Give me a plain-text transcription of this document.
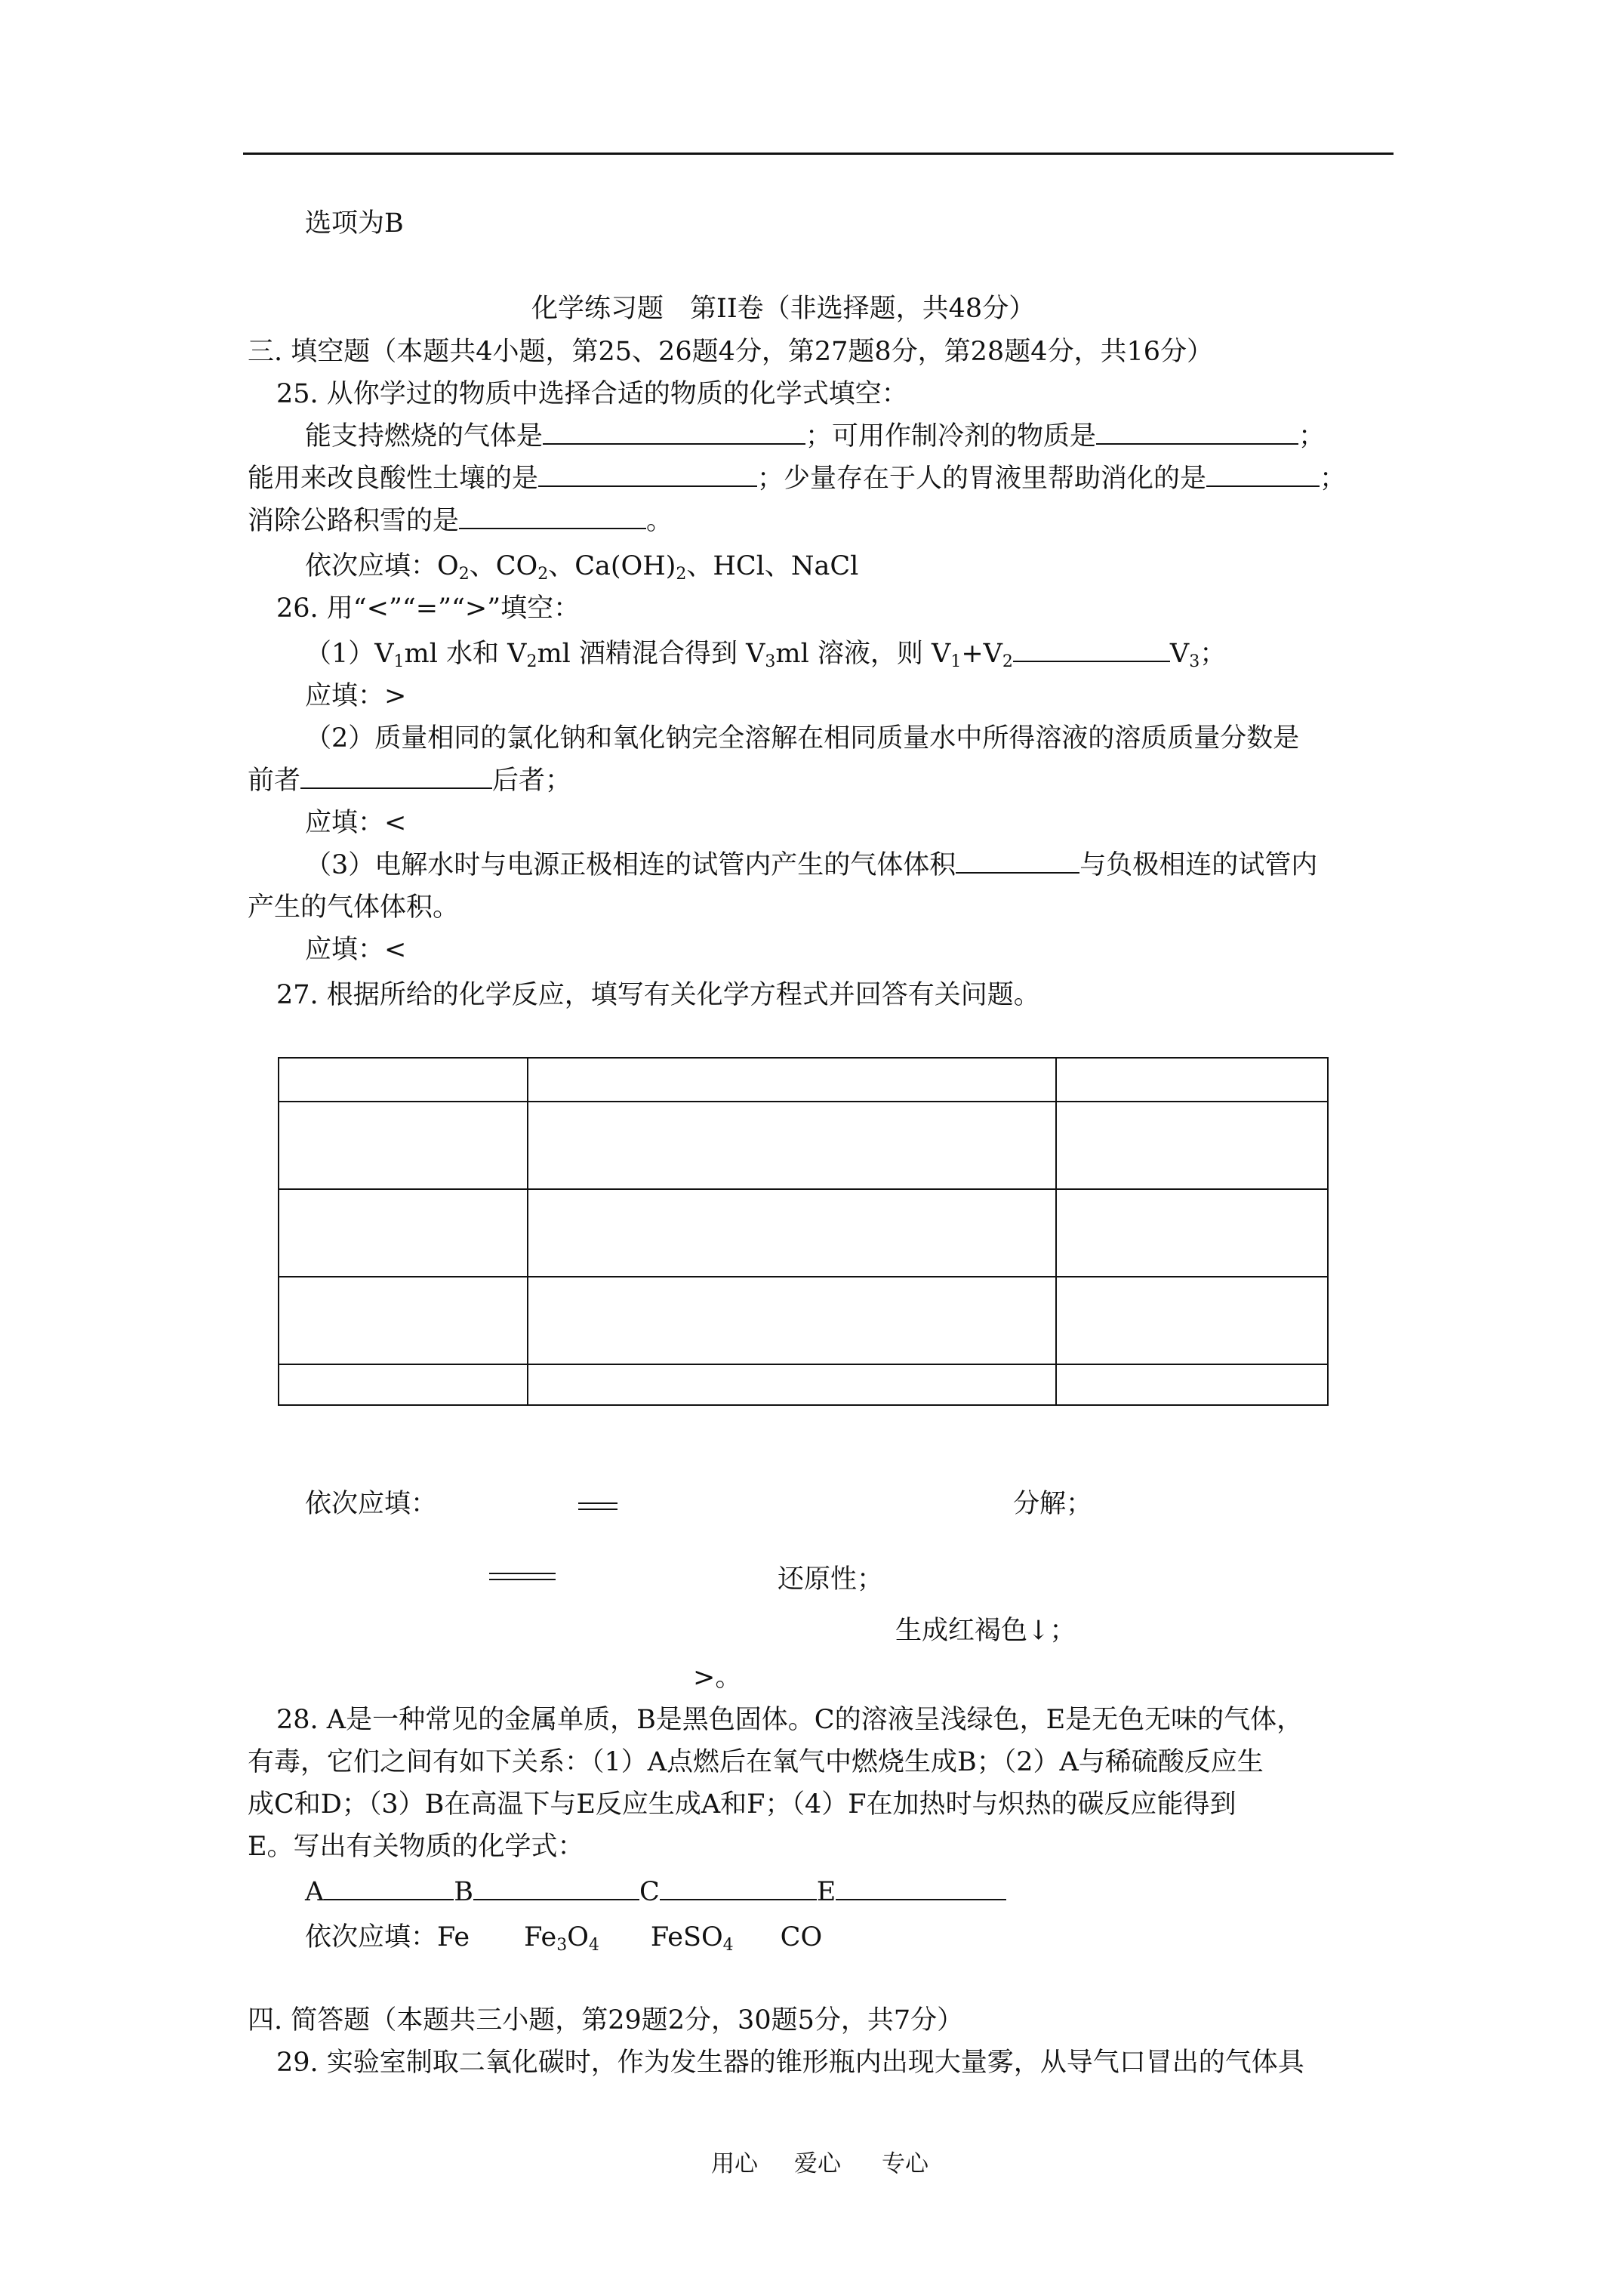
选项为B
化学练习题　第II卷（非选择题，共48分）
三. 填空题（本题共4小题，第25、26题4分，第27题8分，第28题4分，共16分）
25. 从你学过的物质中选择合适的物质的化学式填空：
能支持燃烧的气体是	；可用作制冷剂的物质是	；
能用来改良酸性土壤的是	；少量存在于人的胃液里帮助消化的是	；
消除公路积雪的是	。
依次应填：$O_2$、$CO_2$、$Ca(OH)_2$、HCl、NaCl
26. 用“<”“=”“>”填空：
$(1)V_1ml$ 水和 $V_2ml$ 酒精混合得到 $V_3ml$ 溶液，则 $V_1+V_2$	$V_3$；
应填：>
（2）质量相同的氯化钠和氧化钠完全溶解在相同质量水中所得溶液的溶质质量分数是
前者	后者；
应填：<
（3）电解水时与电源正极相连的试管内产生的气体体积	与负极相连的试管内
产生的气体体积。
应填：<
27. 根据所给的化学反应，填写有关化学方程式并回答有关问题。
依次应填：	分解；
还原性；
生成红褐色↓；
>。
28. A是一种常见的金属单质，B是黑色固体。C的溶液呈浅绿色，E是无色无味的气体，
有毒，它们之间有如下关系：（1）A点燃后在氧气中燃烧生成B；（2）A与稀硫酸反应生
成C和D；（3）B在高温下与E反应生成A和F；（4）F在加热时与炽热的碳反应能得到
E。写出有关物质的化学式：
A	B	C	E
依次应填：Fe $Fe_3O_4$ FeSO$_4$ CO
四. 简答题（本题共三小题，第29题2分，30题5分，共7分）
29. 实验室制取二氧化碳时，作为发生器的锥形瓶内出现大量雾，从导气口冒出的气体具
用心 爱心 专心
